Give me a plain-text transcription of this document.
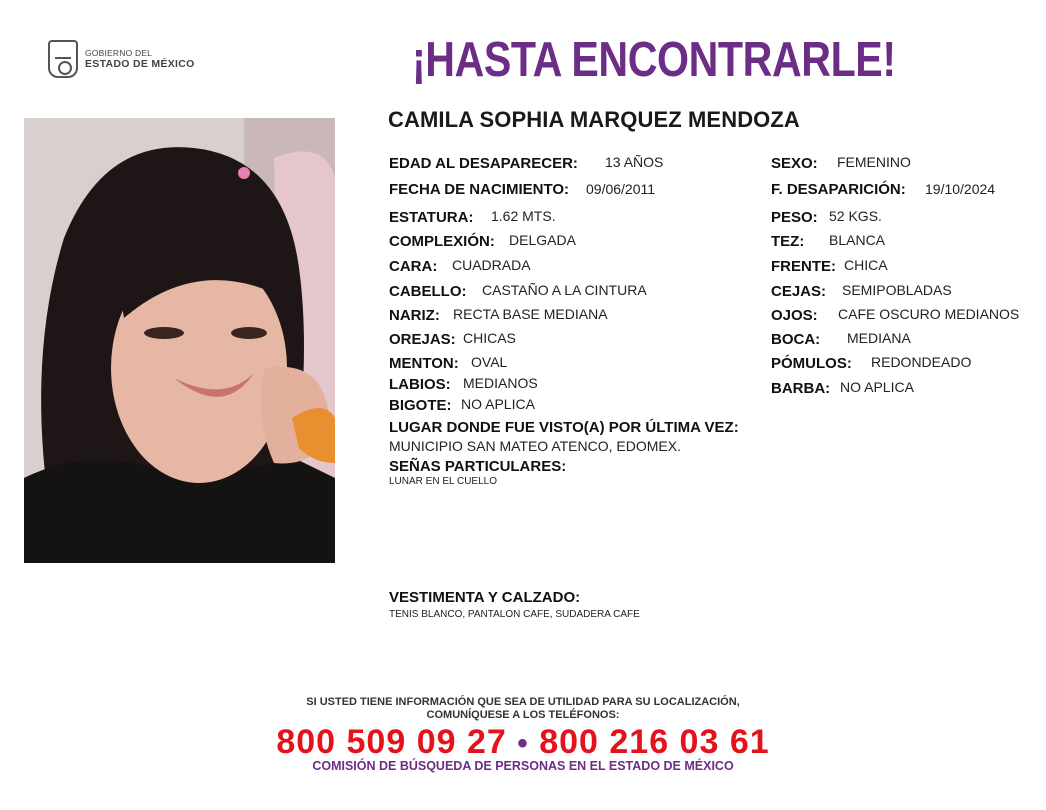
GOBIERNO DEL
ESTADO DE MÉXICO	¡HASTA ENCONTRARLE!
CAMILA SOPHIA MARQUEZ MENDOZA
EDAD AL DESAPARECER: 13 AÑOS
FECHA DE NACIMIENTO: 09/06/2011
ESTATURA: 1.62 MTS.
COMPLEXIÓN: DELGADA
CARA: CUADRADA
CABELLO: CASTAÑO A LA CINTURA
NARIZ: RECTA BASE MEDIANA
OREJAS: CHICAS
MENTON: OVAL
LABIOS: MEDIANOS
BIGOTE: NO APLICA
SEXO: FEMENINO
F. DESAPARICIÓN: 19/10/2024
PESO: 52 KGS.
TEZ: BLANCA
FRENTE: CHICA
CEJAS: SEMIPOBLADAS
OJOS: CAFE OSCURO MEDIANOS
BOCA: MEDIANA
PÓMULOS: REDONDEADO
BARBA: NO APLICA
LUGAR DONDE FUE VISTO(A) POR ÚLTIMA VEZ:
MUNICIPIO SAN MATEO ATENCO, EDOMEX.
SEÑAS PARTICULARES:
LUNAR EN EL CUELLO
VESTIMENTA Y CALZADO:
TENIS BLANCO, PANTALON CAFE, SUDADERA CAFE
SI USTED TIENE INFORMACIÓN QUE SEA DE UTILIDAD PARA SU LOCALIZACIÓN,
COMUNÍQUESE A LOS TELÉFONOS:
800 509 09 27 • 800 216 03 61
COMISIÓN DE BÚSQUEDA DE PERSONAS EN EL ESTADO DE MÉXICO
